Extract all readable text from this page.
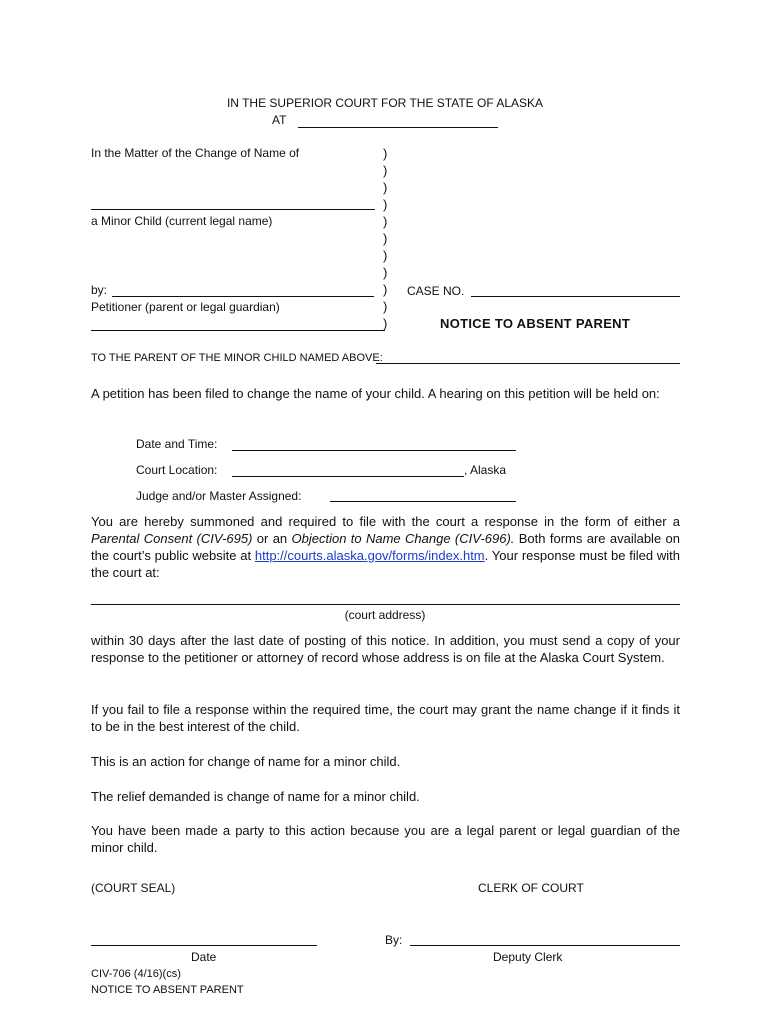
IN THE SUPERIOR COURT FOR THE STATE OF ALASKA
AT
In the Matter of the Change of Name of
a Minor Child (current legal name)
by:
Petitioner (parent or legal guardian)
)
)
)
)
)
)
)
)
)
)
)
CASE NO.
NOTICE TO ABSENT PARENT
TO THE PARENT OF THE MINOR CHILD NAMED ABOVE:
A petition has been filed to change the name of your child. A hearing on this petition will be held on:
Date and Time:
Court Location:	, Alaska
Judge and/or Master Assigned:
You are hereby summoned and required to file with the court a response in the form of either a Parental Consent (CIV-695) or an Objection to Name Change (CIV-696). Both forms are available on the court’s public website at http://courts.alaska.gov/forms/index.htm. Your response must be filed with the court at:
(court address)
within 30 days after the last date of posting of this notice. In addition, you must send a copy of your response to the petitioner or attorney of record whose address is on file at the Alaska Court System.
If you fail to file a response within the required time, the court may grant the name change if it finds it to be in the best interest of the child.
This is an action for change of name for a minor child.
The relief demanded is change of name for a minor child.
You have been made a party to this action because you are a legal parent or legal guardian of the minor child.
(COURT SEAL)	CLERK OF COURT
By:
Date	Deputy Clerk
CIV-706 (4/16)(cs)
NOTICE TO ABSENT PARENT
